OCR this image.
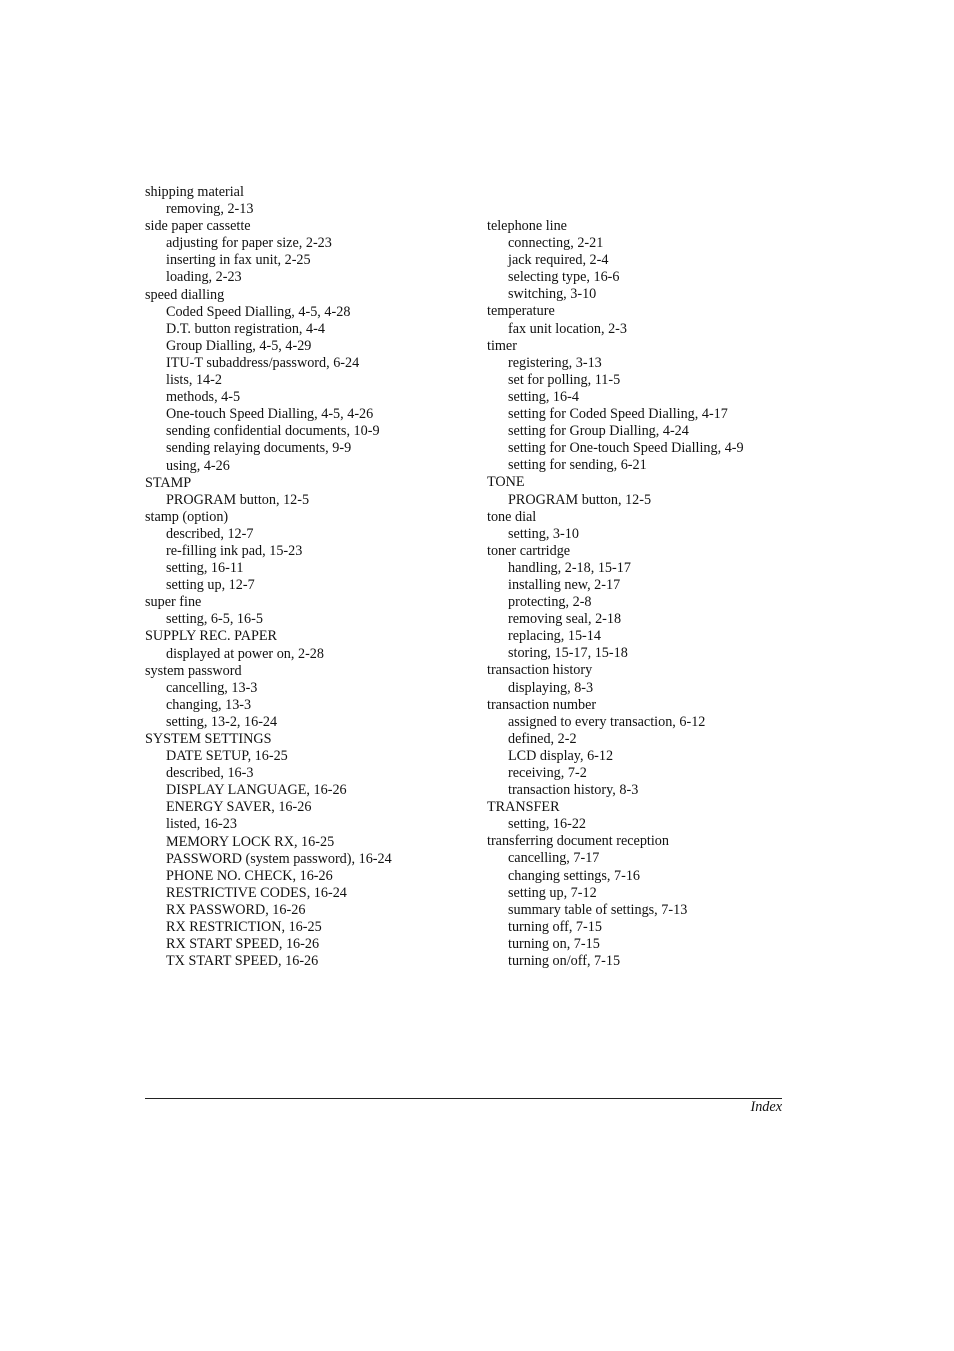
shipping material
removing, 2-13
side paper cassette
adjusting for paper size, 2-23
inserting in fax unit, 2-25
loading, 2-23
speed dialling
Coded Speed Dialling, 4-5, 4-28
D.T. button registration, 4-4
Group Dialling, 4-5, 4-29
ITU-T subaddress/password, 6-24
lists, 14-2
methods, 4-5
One-touch Speed Dialling, 4-5, 4-26
sending confidential documents, 10-9
sending relaying documents, 9-9
using, 4-26
STAMP
PROGRAM button, 12-5
stamp (option)
described, 12-7
re-filling ink pad, 15-23
setting, 16-11
setting up, 12-7
super fine
setting, 6-5, 16-5
SUPPLY REC. PAPER
displayed at power on, 2-28
system password
cancelling, 13-3
changing, 13-3
setting, 13-2, 16-24
SYSTEM SETTINGS
DATE SETUP, 16-25
described, 16-3
DISPLAY LANGUAGE, 16-26
ENERGY SAVER, 16-26
listed, 16-23
MEMORY LOCK RX, 16-25
PASSWORD (system password), 16-24
PHONE NO. CHECK, 16-26
RESTRICTIVE CODES, 16-24
RX PASSWORD, 16-26
RX RESTRICTION, 16-25
RX START SPEED, 16-26
TX START SPEED, 16-26
telephone line
connecting, 2-21
jack required, 2-4
selecting type, 16-6
switching, 3-10
temperature
fax unit location, 2-3
timer
registering, 3-13
set for polling, 11-5
setting, 16-4
setting for Coded Speed Dialling, 4-17
setting for Group Dialling, 4-24
setting for One-touch Speed Dialling, 4-9
setting for sending, 6-21
TONE
PROGRAM button, 12-5
tone dial
setting, 3-10
toner cartridge
handling, 2-18, 15-17
installing new, 2-17
protecting, 2-8
removing seal, 2-18
replacing, 15-14
storing, 15-17, 15-18
transaction history
displaying, 8-3
transaction number
assigned to every transaction, 6-12
defined, 2-2
LCD display, 6-12
receiving, 7-2
transaction history, 8-3
TRANSFER
setting, 16-22
transferring document reception
cancelling, 7-17
changing settings, 7-16
setting up, 7-12
summary table of settings, 7-13
turning off, 7-15
turning on, 7-15
turning on/off, 7-15
Index
